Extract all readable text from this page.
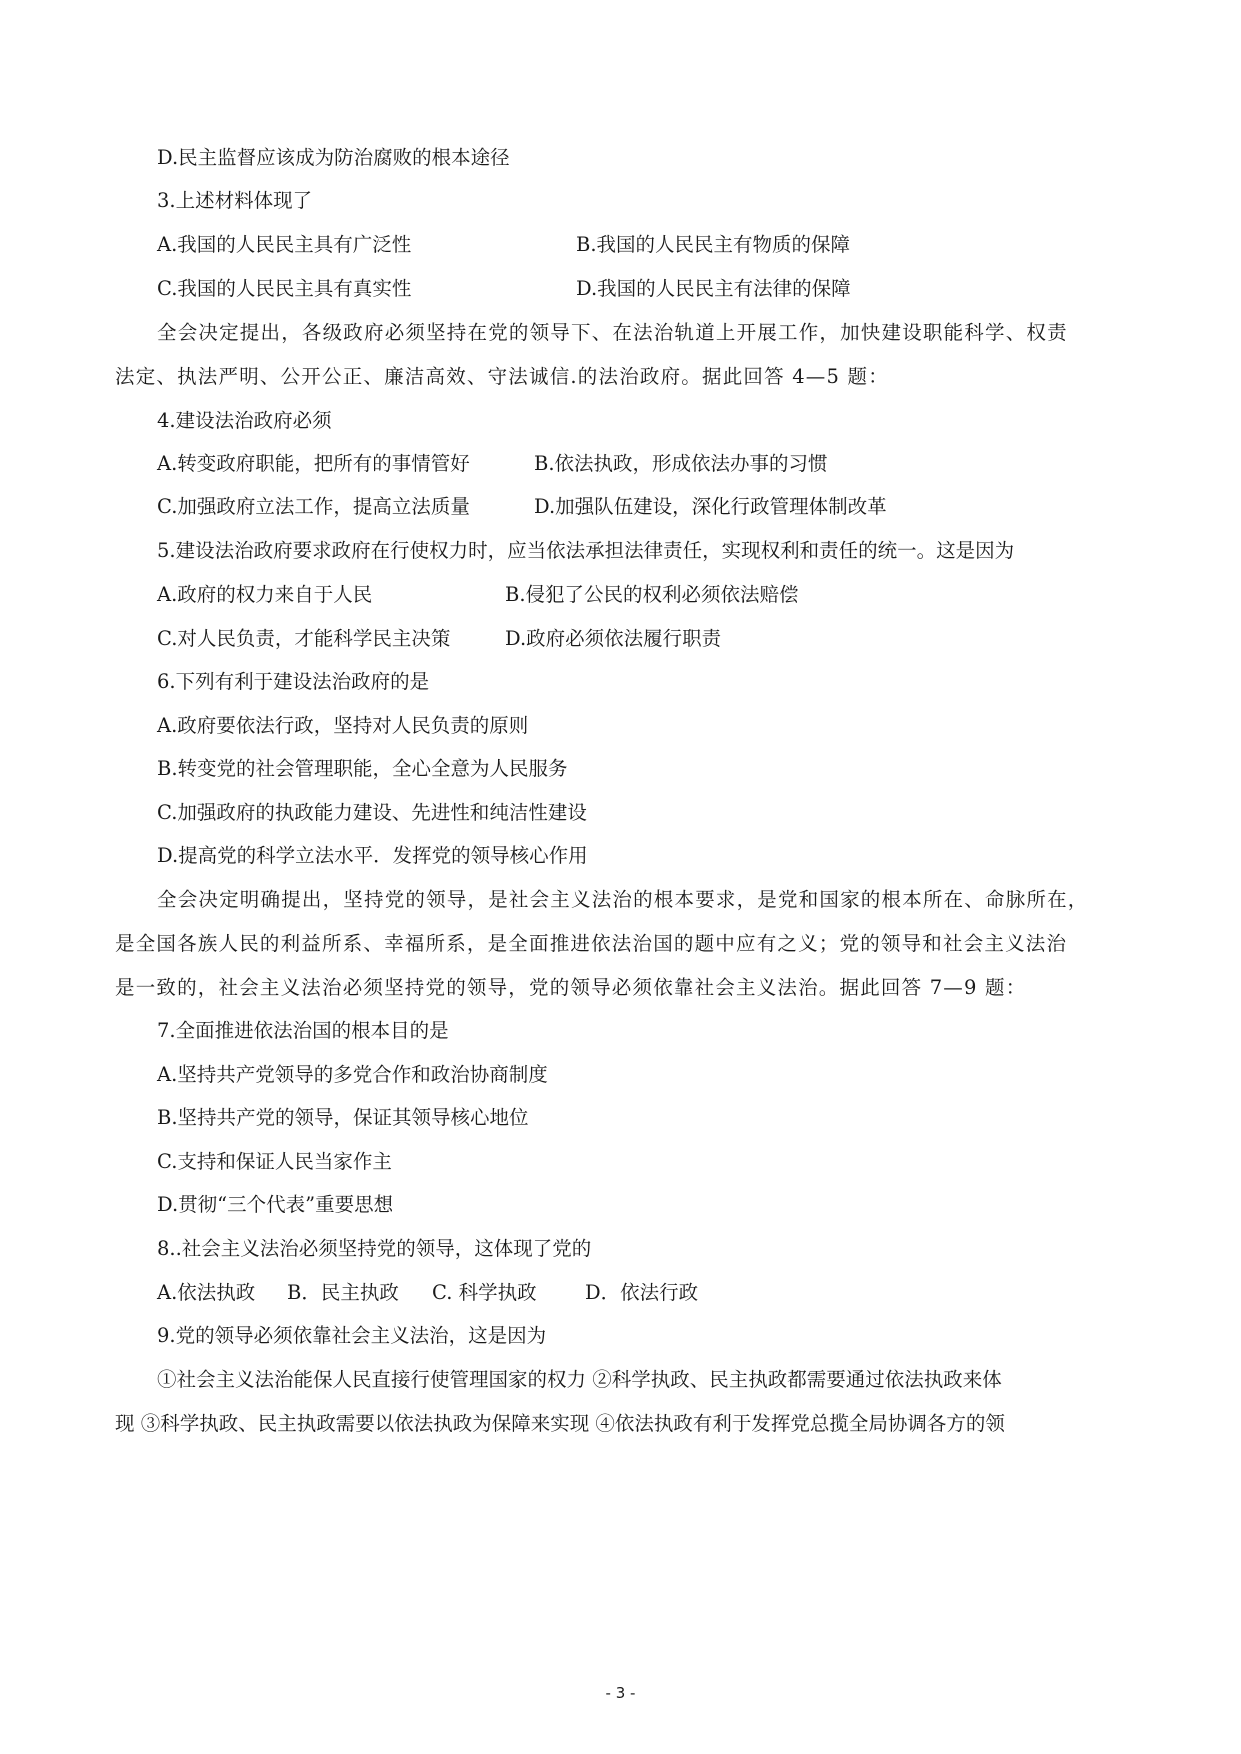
D.民主监督应该成为防治腐败的根本途径
3.上述材料体现了
A.我国的人民民主具有广泛性	B.我国的人民民主有物质的保障
C.我国的人民民主具有真实性	D.我国的人民民主有法律的保障
全会决定提出，各级政府必须坚持在党的领导下、在法治轨道上开展工作，加快建设职能科学、权责
法定、执法严明、公开公正、廉洁高效、守法诚信.的法治政府。据此回答 4—5 题：
4.建设法治政府必须
A.转变政府职能，把所有的事情管好	B.依法执政，形成依法办事的习惯
C.加强政府立法工作，提高立法质量	D.加强队伍建设，深化行政管理体制改革
5.建设法治政府要求政府在行使权力时，应当依法承担法律责任，实现权利和责任的统一。这是因为
A.政府的权力来自于人民	B.侵犯了公民的权利必须依法赔偿
C.对人民负责，才能科学民主决策	D.政府必须依法履行职责
6.下列有利于建设法治政府的是
A.政府要依法行政，坚持对人民负责的原则
B.转变党的社会管理职能，全心全意为人民服务
C.加强政府的执政能力建设、先进性和纯洁性建设
D.提高党的科学立法水平．发挥党的领导核心作用
全会决定明确提出，坚持党的领导，是社会主义法治的根本要求，是党和国家的根本所在、命脉所在，
是全国各族人民的利益所系、幸福所系，是全面推进依法治国的题中应有之义；党的领导和社会主义法治
是一致的，社会主义法治必须坚持党的领导，党的领导必须依靠社会主义法治。据此回答 7—9 题：
7.全面推进依法治国的根本目的是
A.坚持共产党领导的多党合作和政治协商制度
B.坚持共产党的领导，保证其领导核心地位
C.支持和保证人民当家作主
D.贯彻“三个代表”重要思想
8..社会主义法治必须坚持党的领导，这体现了党的
A.依法执政 B．民主执政 C. 科学执政 D．依法行政
9.党的领导必须依靠社会主义法治，这是因为
①社会主义法治能保人民直接行使管理国家的权力 ②科学执政、民主执政都需要通过依法执政来体
现 ③科学执政、民主执政需要以依法执政为保障来实现 ④依法执政有利于发挥党总揽全局协调各方的领
- 3 -
